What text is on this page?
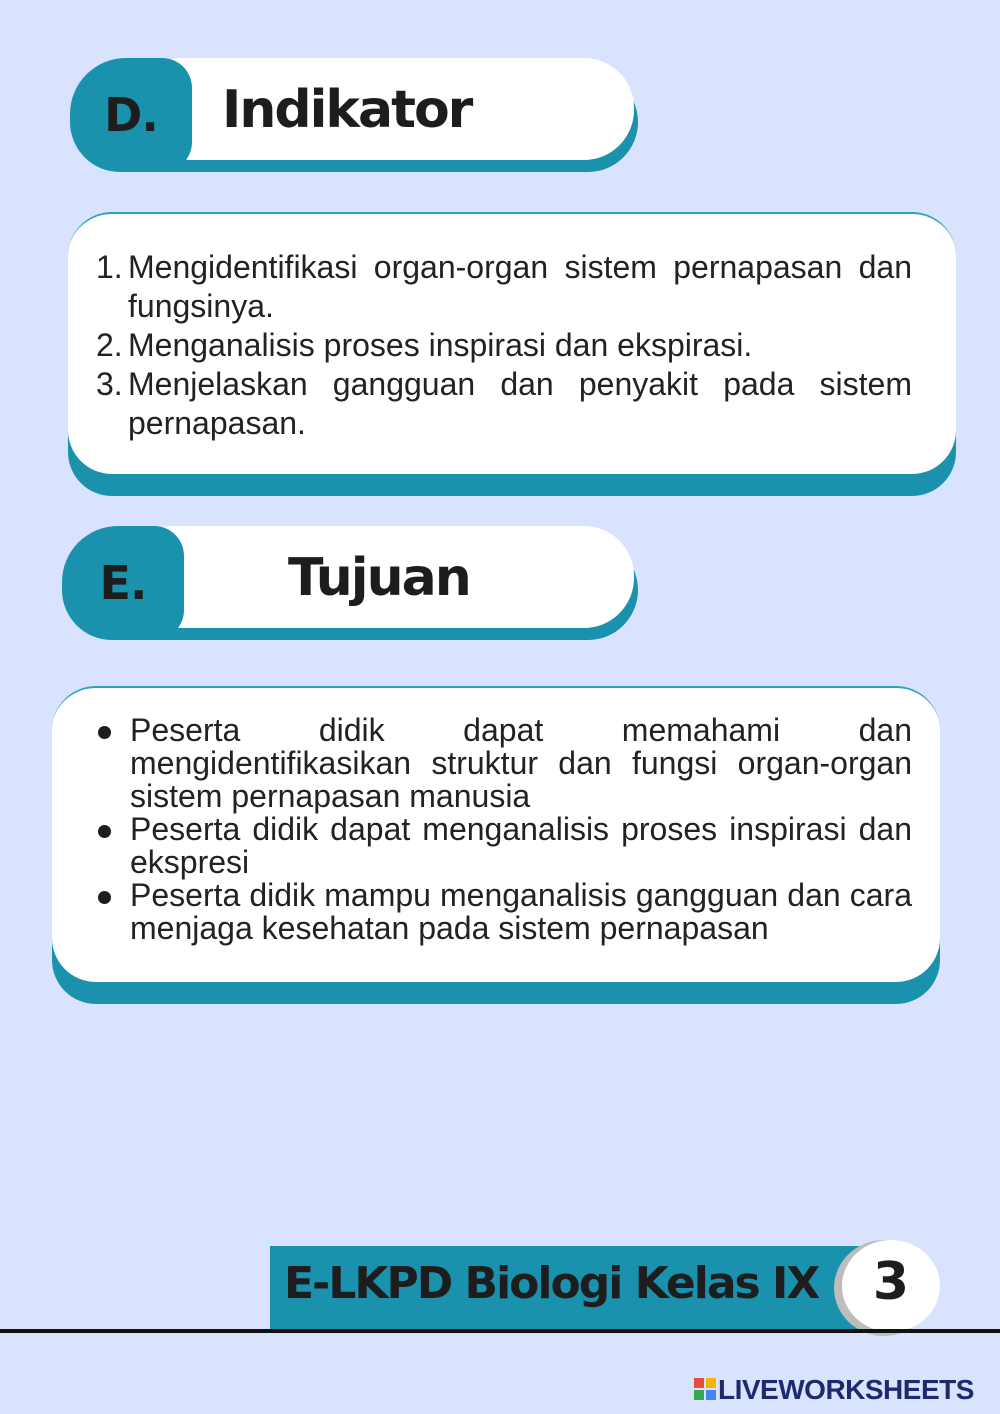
D.	Indikator
1. Mengidentifikasi organ-organ sistem pernapasan dan fungsinya.
2. Menganalisis proses inspirasi dan ekspirasi.
3. Menjelaskan gangguan dan penyakit pada sistem pernapasan.
E.	Tujuan
Peserta didik dapat memahami dan mengidentifikasikan struktur dan fungsi organ-organ sistem pernapasan manusia
Peserta didik dapat menganalisis proses inspirasi dan ekspresi
Peserta didik mampu menganalisis gangguan dan cara menjaga kesehatan pada sistem pernapasan
E-LKPD Biologi Kelas IX	3
LIVEWORKSHEETS
